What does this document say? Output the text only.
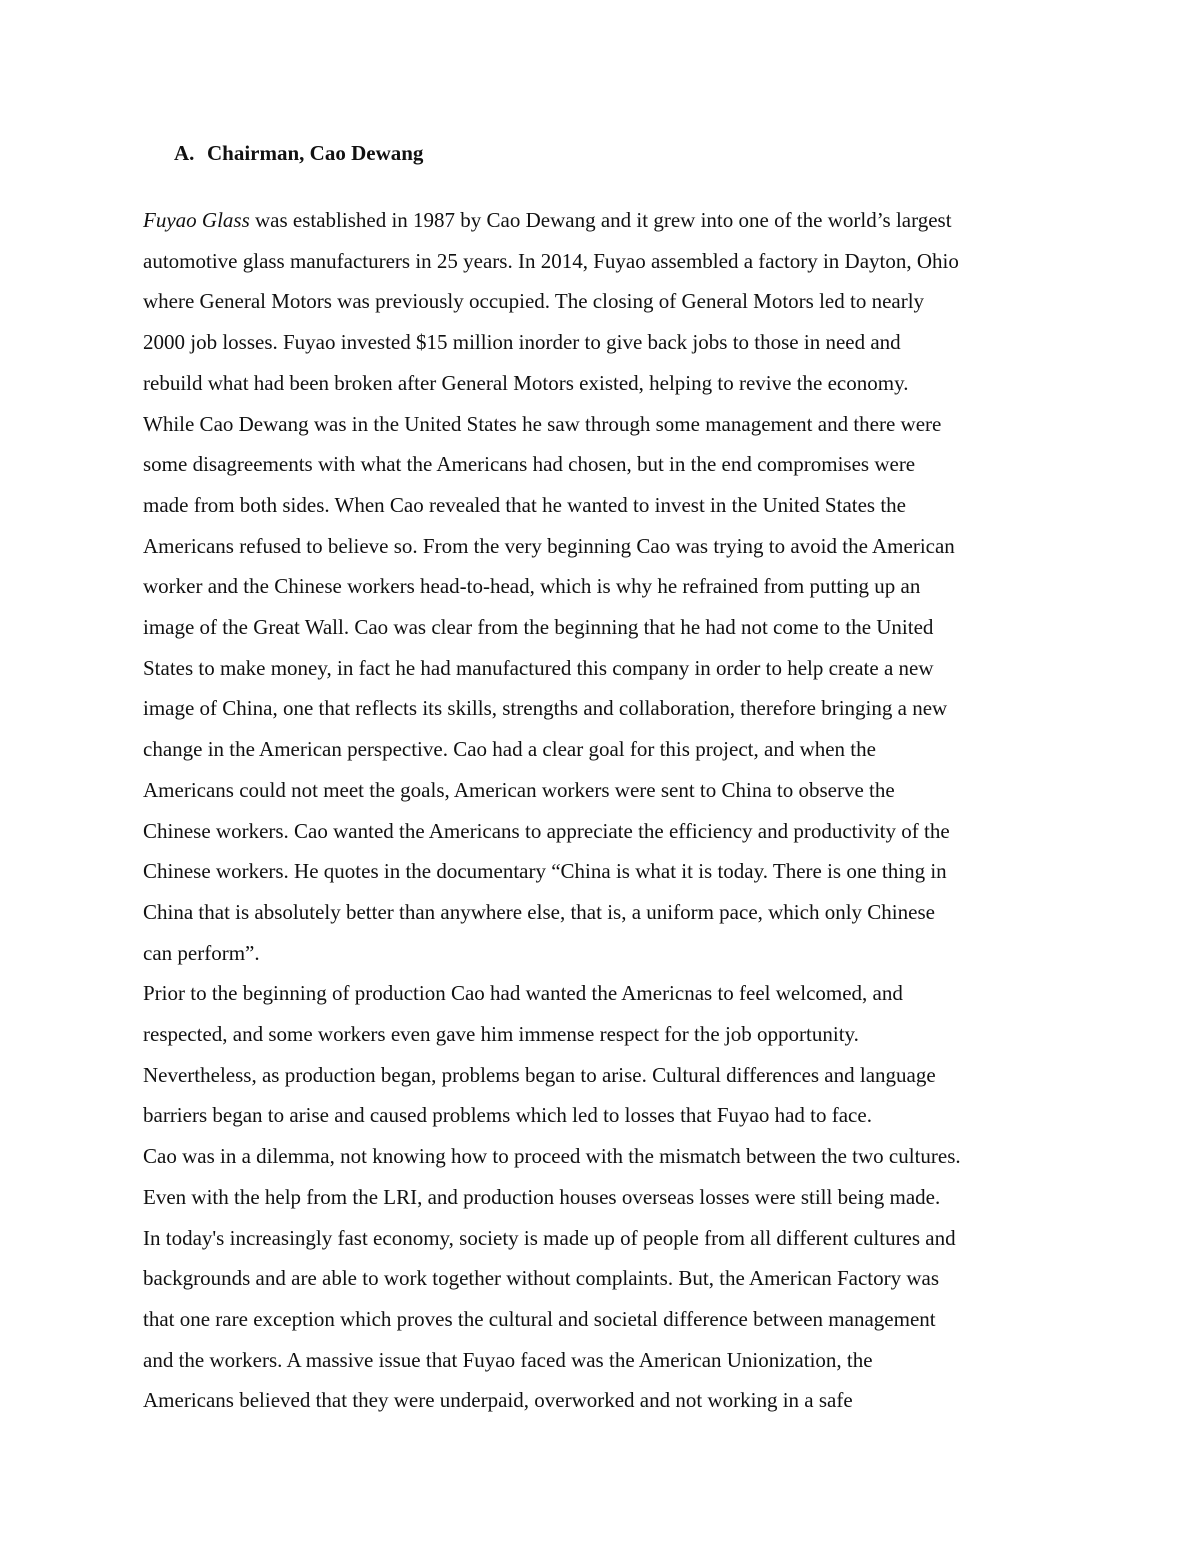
A. Chairman, Cao Dewang
Fuyao Glass was established in 1987 by Cao Dewang and it grew into one of the world’s largest
automotive glass manufacturers in 25 years. In 2014, Fuyao assembled a factory in Dayton, Ohio
where General Motors was previously occupied. The closing of General Motors led to nearly
2000 job losses. Fuyao invested $15 million inorder to give back jobs to those in need and
rebuild what had been broken after General Motors existed, helping to revive the economy.
While Cao Dewang was in the United States he saw through some management and there were
some disagreements with what the Americans had chosen, but in the end compromises were
made from both sides. When Cao revealed that he wanted to invest in the United States the
Americans refused to believe so. From the very beginning Cao was trying to avoid the American
worker and the Chinese workers head-to-head, which is why he refrained from putting up an
image of the Great Wall. Cao was clear from the beginning that he had not come to the United
States to make money, in fact he had manufactured this company in order to help create a new
image of China, one that reflects its skills, strengths and collaboration, therefore bringing a new
change in the American perspective. Cao had a clear goal for this project, and when the
Americans could not meet the goals, American workers were sent to China to observe the
Chinese workers. Cao wanted the Americans to appreciate the efficiency and productivity of the
Chinese workers. He quotes in the documentary “China is what it is today. There is one thing in
China that is absolutely better than anywhere else, that is, a uniform pace, which only Chinese
can perform”.
Prior to the beginning of production Cao had wanted the Americnas to feel welcomed, and
respected, and some workers even gave him immense respect for the job opportunity.
Nevertheless, as production began, problems began to arise. Cultural differences and language
barriers began to arise and caused problems which led to losses that Fuyao had to face.
Cao was in a dilemma, not knowing how to proceed with the mismatch between the two cultures.
Even with the help from the LRI, and production houses overseas losses were still being made.
In today's increasingly fast economy, society is made up of people from all different cultures and
backgrounds and are able to work together without complaints. But, the American Factory was
that one rare exception which proves the cultural and societal difference between management
and the workers. A massive issue that Fuyao faced was the American Unionization, the
Americans believed that they were underpaid, overworked and not working in a safe
